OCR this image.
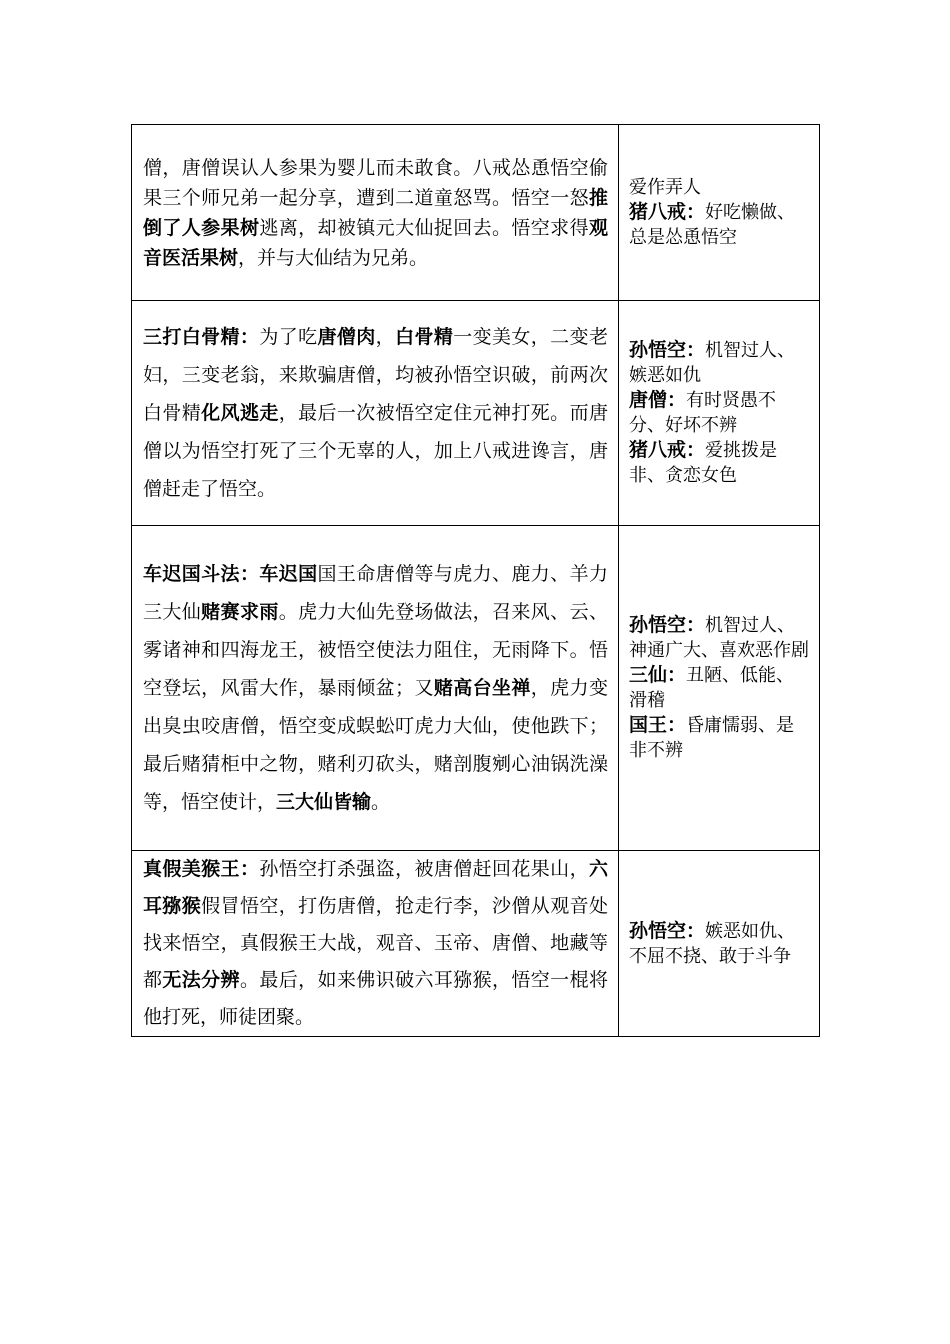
僧，唐僧误认人参果为婴儿而未敢食。八戒怂恿悟空偷果三个师兄弟一起分享，遭到二道童怒骂。悟空一怒推倒了人参果树逃离，却被镇元大仙捉回去。悟空求得观音医活果树，并与大仙结为兄弟。	爱作弄人
猪八戒：好吃懒做、总是怂恿悟空

三打白骨精：为了吃唐僧肉，白骨精一变美女，二变老妇，三变老翁，来欺骗唐僧，均被孙悟空识破，前两次白骨精化风逃走，最后一次被悟空定住元神打死。而唐僧以为悟空打死了三个无辜的人，加上八戒进谗言，唐僧赶走了悟空。	孙悟空：机智过人、嫉恶如仇
唐僧：有时贤愚不分、好坏不辨
猪八戒：爱挑拨是非、贪恋女色

车迟国斗法：车迟国国王命唐僧等与虎力、鹿力、羊力三大仙赌赛求雨。虎力大仙先登场做法，召来风、云、雾诸神和四海龙王，被悟空使法力阻住，无雨降下。悟空登坛，风雷大作，暴雨倾盆；又赌高台坐禅，虎力变出臭虫咬唐僧，悟空变成蜈蚣叮虎力大仙，使他跌下；最后赌猜柜中之物，赌利刃砍头，赌剖腹剜心油锅洗澡等，悟空使计，三大仙皆输。	孙悟空：机智过人、神通广大、喜欢恶作剧
三仙：丑陋、低能、滑稽
国王：昏庸懦弱、是非不辨

真假美猴王：孙悟空打杀强盗，被唐僧赶回花果山，六耳猕猴假冒悟空，打伤唐僧，抢走行李，沙僧从观音处找来悟空，真假猴王大战，观音、玉帝、唐僧、地藏等都无法分辨。最后，如来佛识破六耳猕猴，悟空一棍将他打死，师徒团聚。	孙悟空：嫉恶如仇、不屈不挠、敢于斗争
